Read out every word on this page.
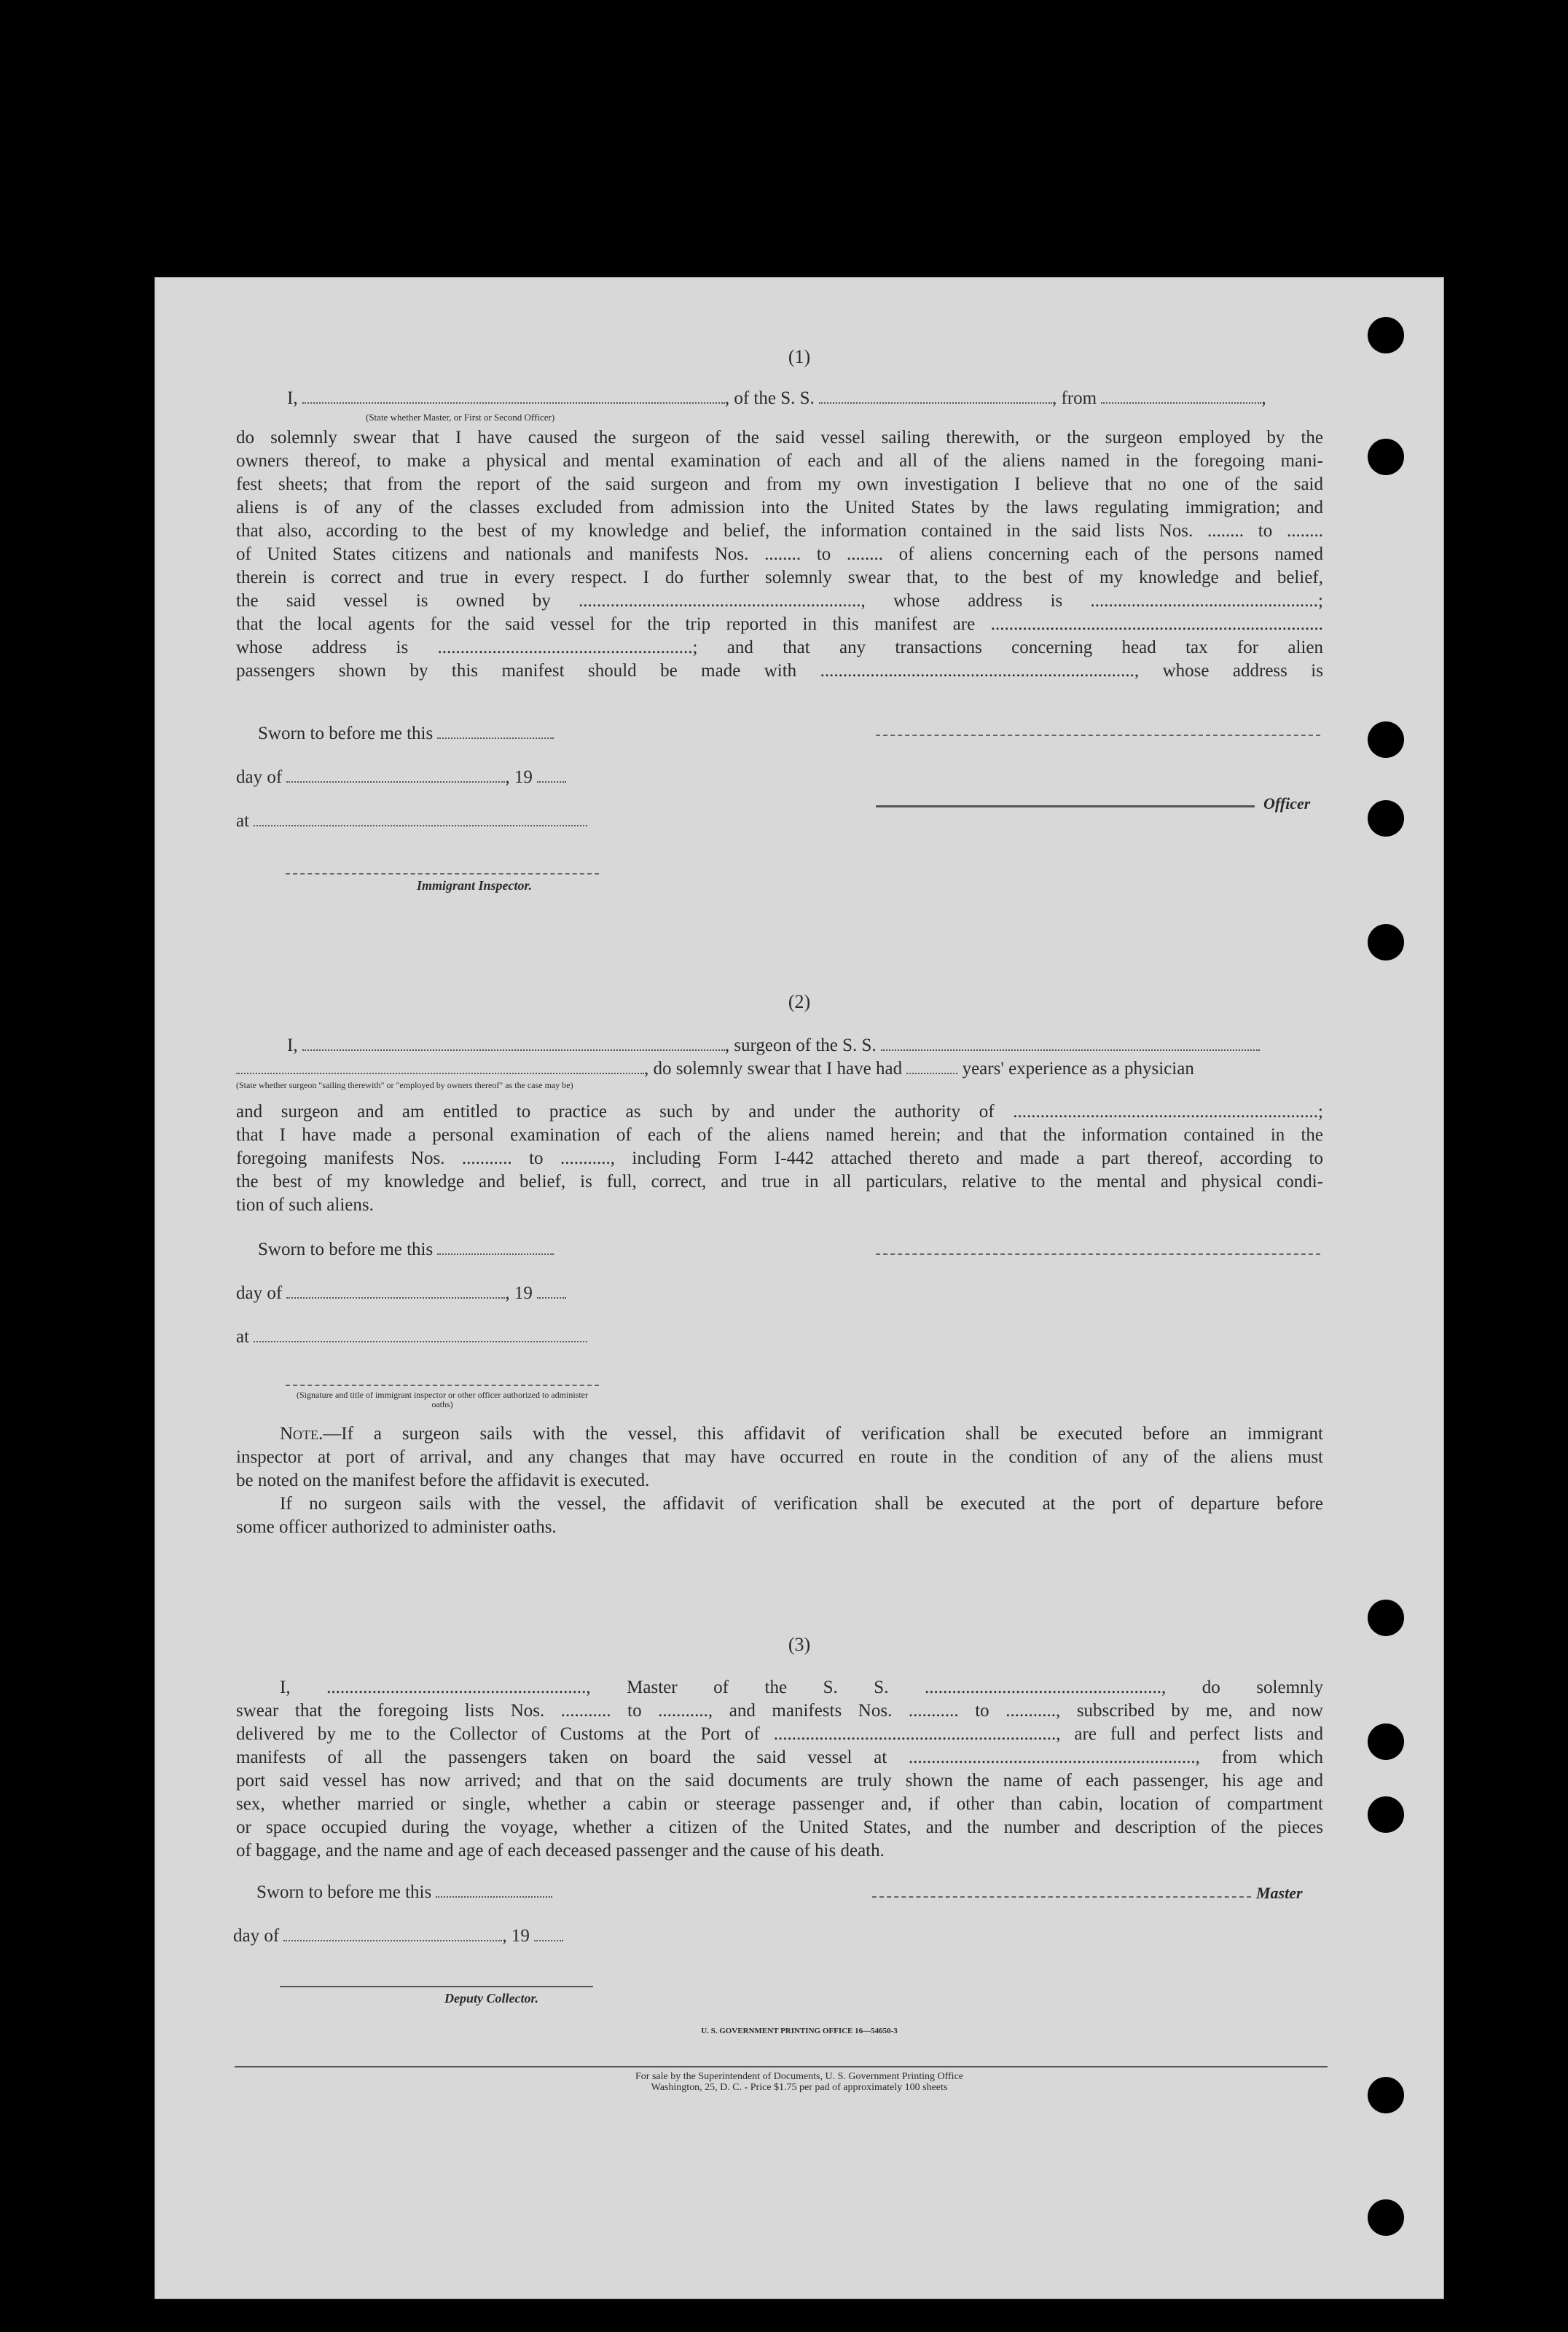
(1)
I,	, of the S. S.	, from	,
(State whether Master, or First or Second Officer)
do solemnly swear that I have caused the surgeon of the said vessel sailing therewith, or the surgeon employed by the
owners thereof, to make a physical and mental examination of each and all of the aliens named in the foregoing mani-
fest sheets; that from the report of the said surgeon and from my own investigation I believe that no one of the said
aliens is of any of the classes excluded from admission into the United States by the laws regulating immigration; and
that also, according to the best of my knowledge and belief, the information contained in the said lists Nos. ........ to ........
of United States citizens and nationals and manifests Nos. ........ to ........ of aliens concerning each of the persons named
therein is correct and true in every respect. I do further solemnly swear that, to the best of my knowledge and belief,
the said vessel is owned by .............................................................., whose address is ..................................................;
that the local agents for the said vessel for the trip reported in this manifest are .........................................................................
whose address is ........................................................; and that any transactions concerning head tax for alien
passengers shown by this manifest should be made with ....................................................................., whose address is
Sworn to before me this
day of	, 19
at
Immigrant Inspector.
Officer
(2)
I,	, surgeon of the S. S.
, do solemnly swear that I have had	years' experience as a physician
(State whether surgeon "sailing therewith" or "employed by owners thereof" as the case may be)
and surgeon and am entitled to practice as such by and under the authority of ...................................................................;
that I have made a personal examination of each of the aliens named herein; and that the information contained in the
foregoing manifests Nos. ........... to ..........., including Form I-442 attached thereto and made a part thereof, according to
the best of my knowledge and belief, is full, correct, and true in all particulars, relative to the mental and physical condi-
tion of such aliens.
Sworn to before me this
day of	, 19
at
(Signature and title of immigrant inspector or other officer authorized to administer oaths)
Note.—If a surgeon sails with the vessel, this affidavit of verification shall be executed before an immigrant
inspector at port of arrival, and any changes that may have occurred en route in the condition of any of the aliens must
be noted on the manifest before the affidavit is executed.
If no surgeon sails with the vessel, the affidavit of verification shall be executed at the port of departure before
some officer authorized to administer oaths.
(3)
I, ........................................................., Master of the S. S. ...................................................., do solemnly
swear that the foregoing lists Nos. ........... to ..........., and manifests Nos. ........... to ..........., subscribed by me, and now
delivered by me to the Collector of Customs at the Port of .............................................................., are full and perfect lists and
manifests of all the passengers taken on board the said vessel at ..............................................................., from which
port said vessel has now arrived; and that on the said documents are truly shown the name of each passenger, his age and
sex, whether married or single, whether a cabin or steerage passenger and, if other than cabin, location of compartment
or space occupied during the voyage, whether a citizen of the United States, and the number and description of the pieces
of baggage, and the name and age of each deceased passenger and the cause of his death.
Sworn to before me this	Master
day of	, 19
Deputy Collector.
U. S. GOVERNMENT PRINTING OFFICE 16—54650-3
For sale by the Superintendent of Documents, U. S. Government Printing Office
Washington, 25, D. C. - Price $1.75 per pad of approximately 100 sheets
